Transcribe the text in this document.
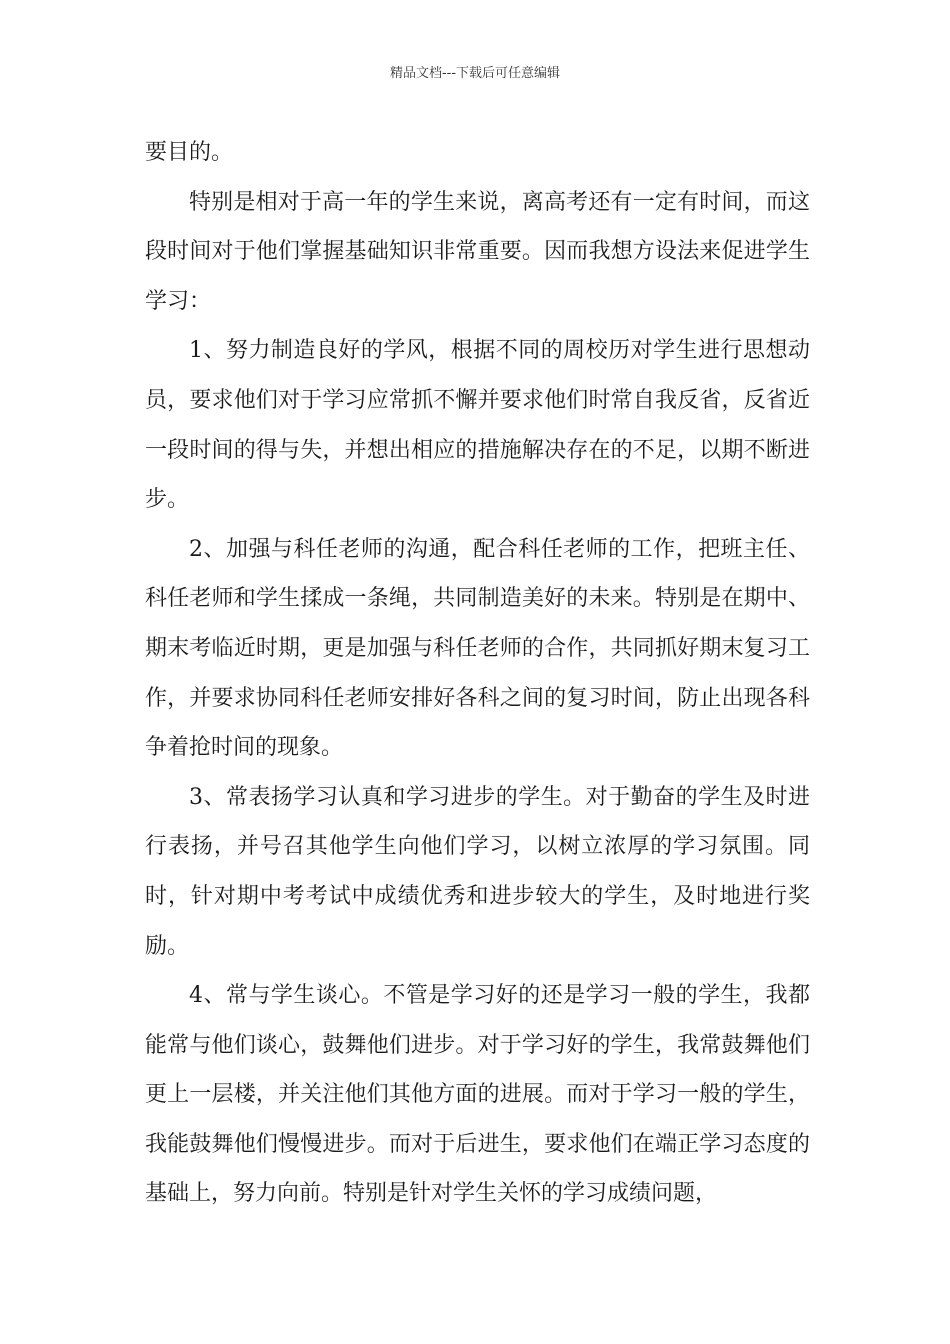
精品文档---下载后可任意编辑

要目的。

特别是相对于高一年的学生来说，离高考还有一定有时间，而这段时间对于他们掌握基础知识非常重要。因而我想方设法来促进学生学习：

1、努力制造良好的学风，根据不同的周校历对学生进行思想动员，要求他们对于学习应常抓不懈并要求他们时常自我反省，反省近一段时间的得与失，并想出相应的措施解决存在的不足，以期不断进步。

2、加强与科任老师的沟通，配合科任老师的工作，把班主任、科任老师和学生揉成一条绳，共同制造美好的未来。特别是在期中、期末考临近时期，更是加强与科任老师的合作，共同抓好期末复习工作，并要求协同科任老师安排好各科之间的复习时间，防止出现各科争着抢时间的现象。

3、常表扬学习认真和学习进步的学生。对于勤奋的学生及时进行表扬，并号召其他学生向他们学习，以树立浓厚的学习氛围。同时，针对期中考考试中成绩优秀和进步较大的学生，及时地进行奖励。

4、常与学生谈心。不管是学习好的还是学习一般的学生，我都能常与他们谈心，鼓舞他们进步。对于学习好的学生，我常鼓舞他们更上一层楼，并关注他们其他方面的进展。而对于学习一般的学生，我能鼓舞他们慢慢进步。而对于后进生，要求他们在端正学习态度的基础上，努力向前。特别是针对学生关怀的学习成绩问题，
